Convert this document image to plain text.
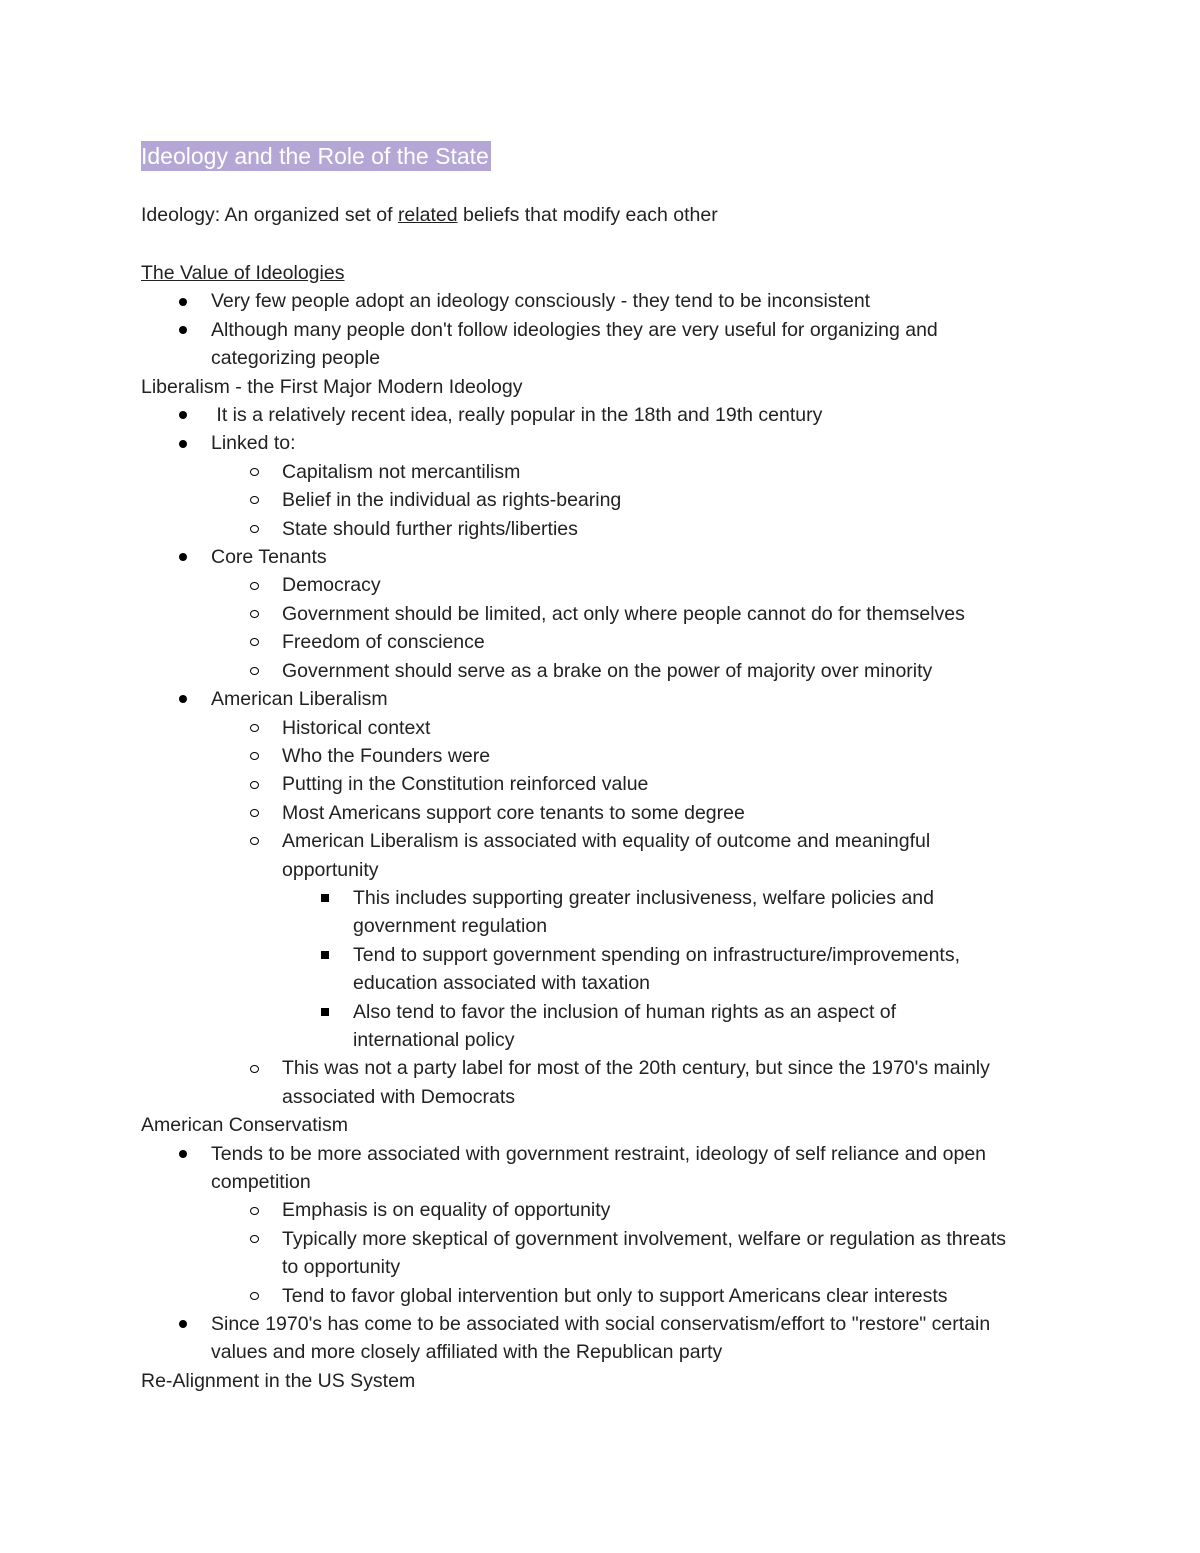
Ideology and the Role of the State
Ideology: An organized set of related beliefs that modify each other
The Value of Ideologies
Very few people adopt an ideology consciously - they tend to be inconsistent
Although many people don't follow ideologies they are very useful for organizing and categorizing people
Liberalism - the First Major Modern Ideology
It is a relatively recent idea, really popular in the 18th and 19th century
Linked to:
Capitalism not mercantilism
Belief in the individual as rights-bearing
State should further rights/liberties
Core Tenants
Democracy
Government should be limited, act only where people cannot do for themselves
Freedom of conscience
Government should serve as a brake on the power of majority over minority
American Liberalism
Historical context
Who the Founders were
Putting in the Constitution reinforced value
Most Americans support core tenants to some degree
American Liberalism is associated with equality of outcome and meaningful opportunity
This includes supporting greater inclusiveness, welfare policies and government regulation
Tend to support government spending on infrastructure/improvements, education associated with taxation
Also tend to favor the inclusion of human rights as an aspect of international policy
This was not a party label for most of the 20th century, but since the 1970's mainly associated with Democrats
American Conservatism
Tends to be more associated with government restraint, ideology of self reliance and open competition
Emphasis is on equality of opportunity
Typically more skeptical of government involvement, welfare or regulation as threats to opportunity
Tend to favor global intervention but only to support Americans clear interests
Since 1970's has come to be associated with social conservatism/effort to "restore" certain values and more closely affiliated with the Republican party
Re-Alignment in the US System
